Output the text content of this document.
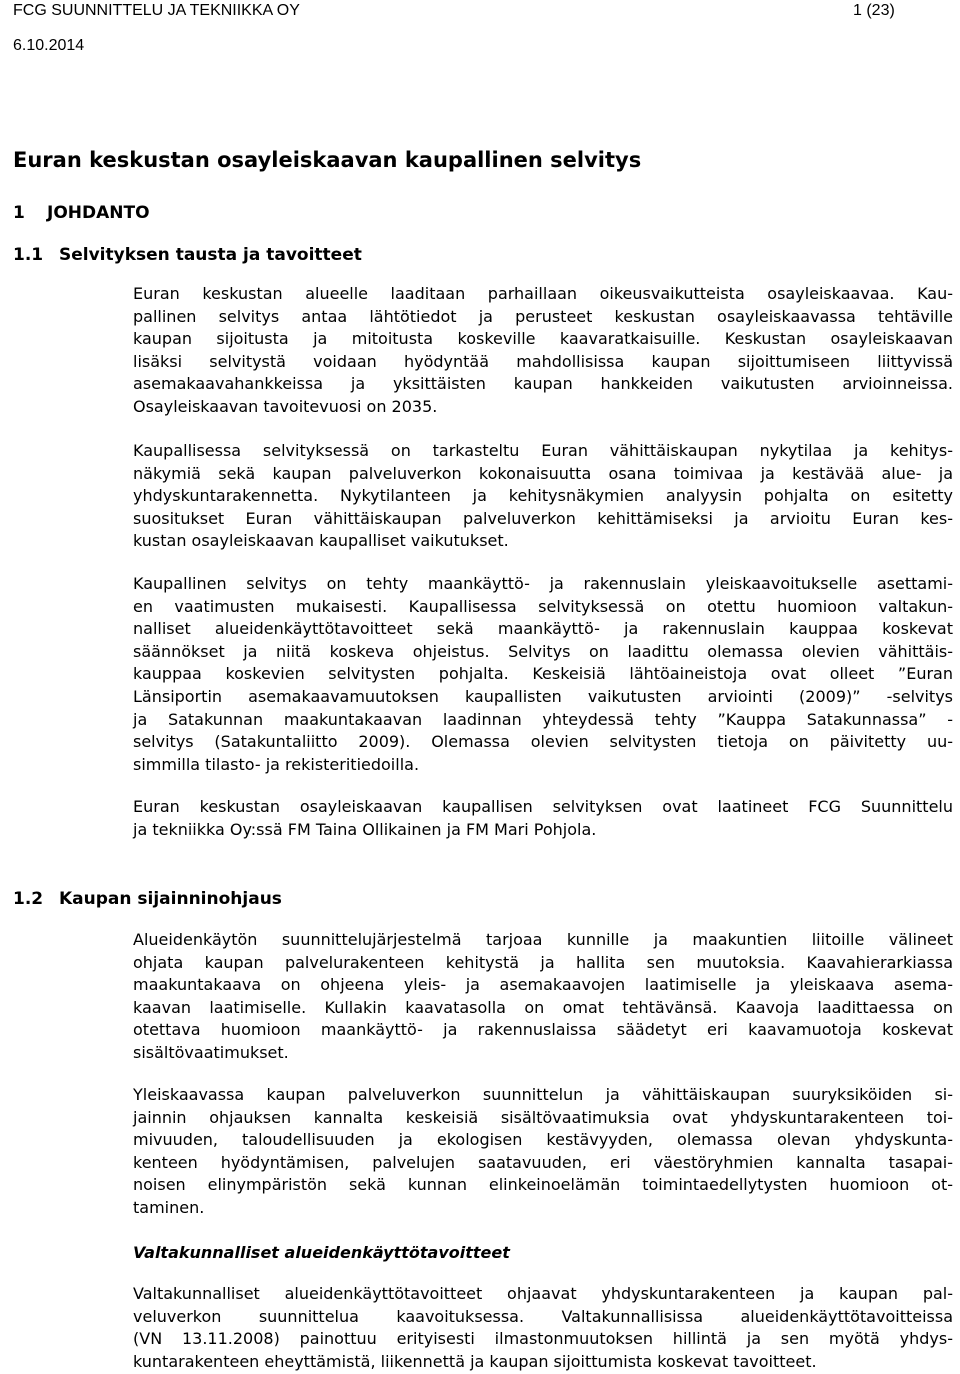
FCG SUUNNITTELU JA TEKNIIKKA OY	1 (23)
6.10.2014
Euran keskustan osayleiskaavan kaupallinen selvitys
1 JOHDANTO
1.1 Selvityksen tausta ja tavoitteet
Euran keskustan alueelle laaditaan parhaillaan oikeusvaikutteista osayleiskaavaa. Kau-
pallinen selvitys antaa lähtötiedot ja perusteet keskustan osayleiskaavassa tehtäville
kaupan sijoitusta ja mitoitusta koskeville kaavaratkaisuille. Keskustan osayleiskaavan
lisäksi selvitystä voidaan hyödyntää mahdollisissa kaupan sijoittumiseen liittyvissä
asemakaavahankkeissa ja yksittäisten kaupan hankkeiden vaikutusten arvioinneissa.
Osayleiskaavan tavoitevuosi on 2035.
Kaupallisessa selvityksessä on tarkasteltu Euran vähittäiskaupan nykytilaa ja kehitys-
näkymiä sekä kaupan palveluverkon kokonaisuutta osana toimivaa ja kestävää alue- ja
yhdyskuntarakennetta. Nykytilanteen ja kehitysnäkymien analyysin pohjalta on esitetty
suositukset Euran vähittäiskaupan palveluverkon kehittämiseksi ja arvioitu Euran kes-
kustan osayleiskaavan kaupalliset vaikutukset.
Kaupallinen selvitys on tehty maankäyttö- ja rakennuslain yleiskaavoitukselle asettami-
en vaatimusten mukaisesti. Kaupallisessa selvityksessä on otettu huomioon valtakun-
nalliset alueidenkäyttötavoitteet sekä maankäyttö- ja rakennuslain kauppaa koskevat
säännökset ja niitä koskeva ohjeistus. Selvitys on laadittu olemassa olevien vähittäis-
kauppaa koskevien selvitysten pohjalta. Keskeisiä lähtöaineistoja ovat olleet ”Euran
Länsiportin asemakaavamuutoksen kaupallisten vaikutusten arviointi (2009)” -selvitys
ja Satakunnan maakuntakaavan laadinnan yhteydessä tehty ”Kauppa Satakunnassa” -
selvitys (Satakuntaliitto 2009). Olemassa olevien selvitysten tietoja on päivitetty uu-
simmilla tilasto- ja rekisteritiedoilla.
Euran keskustan osayleiskaavan kaupallisen selvityksen ovat laatineet FCG Suunnittelu
ja tekniikka Oy:ssä FM Taina Ollikainen ja FM Mari Pohjola.
1.2 Kaupan sijainninohjaus
Alueidenkäytön suunnittelujärjestelmä tarjoaa kunnille ja maakuntien liitoille välineet
ohjata kaupan palvelurakenteen kehitystä ja hallita sen muutoksia. Kaavahierarkiassa
maakuntakaava on ohjeena yleis- ja asemakaavojen laatimiselle ja yleiskaava asema-
kaavan laatimiselle. Kullakin kaavatasolla on omat tehtävänsä. Kaavoja laadittaessa on
otettava huomioon maankäyttö- ja rakennuslaissa säädetyt eri kaavamuotoja koskevat
sisältövaatimukset.
Yleiskaavassa kaupan palveluverkon suunnittelun ja vähittäiskaupan suuryksiköiden si-
jainnin ohjauksen kannalta keskeisiä sisältövaatimuksia ovat yhdyskuntarakenteen toi-
mivuuden, taloudellisuuden ja ekologisen kestävyyden, olemassa olevan yhdyskunta-
kenteen hyödyntämisen, palvelujen saatavuuden, eri väestöryhmien kannalta tasapai-
noisen elinympäristön sekä kunnan elinkeinoelämän toimintaedellytysten huomioon ot-
taminen.
Valtakunnalliset alueidenkäyttötavoitteet
Valtakunnalliset alueidenkäyttötavoitteet ohjaavat yhdyskuntarakenteen ja kaupan pal-
veluverkon suunnittelua kaavoituksessa. Valtakunnallisissa alueidenkäyttötavoitteissa
(VN 13.11.2008) painottuu erityisesti ilmastonmuutoksen hillintä ja sen myötä yhdys-
kuntarakenteen eheyttämistä, liikennettä ja kaupan sijoittumista koskevat tavoitteet.
